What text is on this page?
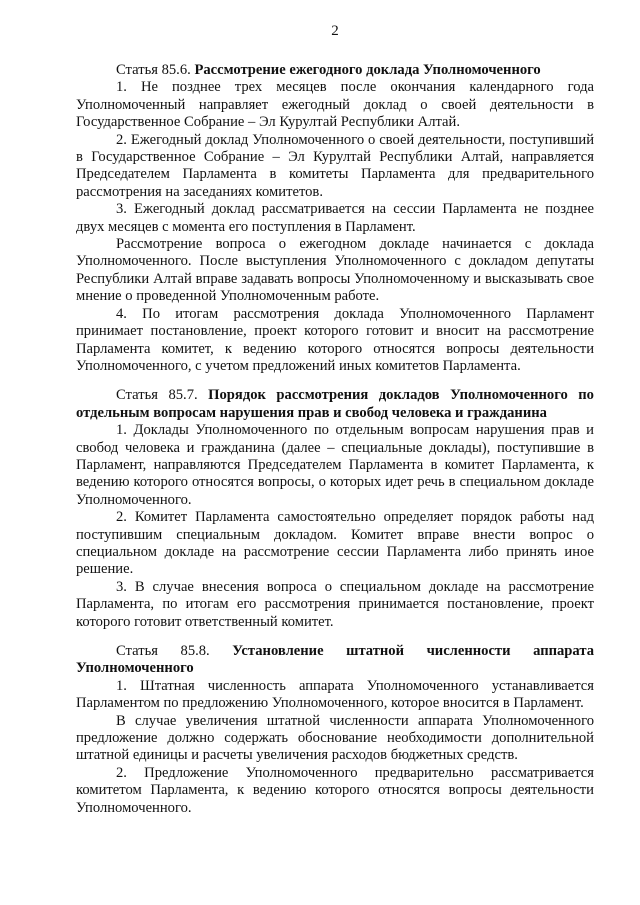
2

Статья 85.6. Рассмотрение ежегодного доклада Уполномоченного

1. Не позднее трех месяцев после окончания календарного года Уполномоченный направляет ежегодный доклад о своей деятельности в Государственное Собрание – Эл Курултай Республики Алтай.

2. Ежегодный доклад Уполномоченного о своей деятельности, поступивший в Государственное Собрание – Эл Курултай Республики Алтай, направляется Председателем Парламента в комитеты Парламента для предварительного рассмотрения на заседаниях комитетов.

3. Ежегодный доклад рассматривается на сессии Парламента не позднее двух месяцев с момента его поступления в Парламент.

Рассмотрение вопроса о ежегодном докладе начинается с доклада Уполномоченного. После выступления Уполномоченного с докладом депутаты Республики Алтай вправе задавать вопросы Уполномоченному и высказывать свое мнение о проведенной Уполномоченным работе.

4. По итогам рассмотрения доклада Уполномоченного Парламент принимает постановление, проект которого готовит и вносит на рассмотрение Парламента комитет, к ведению которого относятся вопросы деятельности Уполномоченного, с учетом предложений иных комитетов Парламента.

Статья 85.7. Порядок рассмотрения докладов Уполномоченного по отдельным вопросам нарушения прав и свобод человека и гражданина

1. Доклады Уполномоченного по отдельным вопросам нарушения прав и свобод человека и гражданина (далее – специальные доклады), поступившие в Парламент, направляются Председателем Парламента в комитет Парламента, к ведению которого относятся вопросы, о которых идет речь в специальном докладе Уполномоченного.

2. Комитет Парламента самостоятельно определяет порядок работы над поступившим специальным докладом. Комитет вправе внести вопрос о специальном докладе на рассмотрение сессии Парламента либо принять иное решение.

3. В случае внесения вопроса о специальном докладе на рассмотрение Парламента, по итогам его рассмотрения принимается постановление, проект которого готовит ответственный комитет.

Статья 85.8. Установление штатной численности аппарата Уполномоченного

1. Штатная численность аппарата Уполномоченного устанавливается Парламентом по предложению Уполномоченного, которое вносится в Парламент.

В случае увеличения штатной численности аппарата Уполномоченного предложение должно содержать обоснование необходимости дополнительной штатной единицы и расчеты увеличения расходов бюджетных средств.

2. Предложение Уполномоченного предварительно рассматривается комитетом Парламента, к ведению которого относятся вопросы деятельности Уполномоченного.
